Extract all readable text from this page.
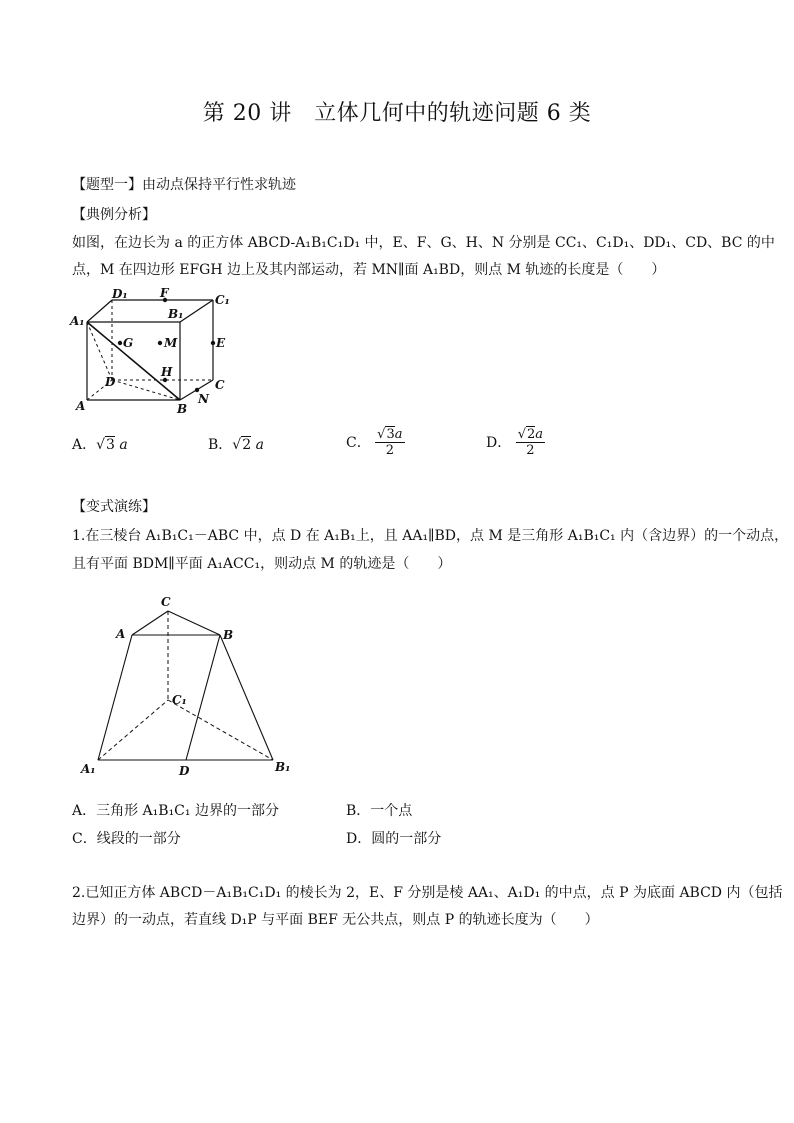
第 20 讲　立体几何中的轨迹问题 6 类
【题型一】由动点保持平行性求轨迹
【典例分析】
如图，在边长为 a 的正方体 ABCD-A₁B₁C₁D₁ 中，E、F、G、H、N 分别是 CC₁、C₁D₁、DD₁、CD、BC 的中
点，M 在四边形 EFGH 边上及其内部运动，若 MN∥面 A₁BD，则点 M 轨迹的长度是（　　）
D₁	F	C₁
A₁	B₁
G	M	E
D
H
C
A	B
N
A．√3 a	B．√2 a	C． $\frac{√3a}{2}$	D． $\frac{√2a}{2}$
【变式演练】
1.在三棱台 A₁B₁C₁－ABC 中，点 D 在 A₁B₁上，且 AA₁∥BD，点 M 是三角形 A₁B₁C₁ 内（含边界）的一个动点，
且有平面 BDM∥平面 A₁ACC₁，则动点 M 的轨迹是（　　）
C
A	B
C₁
A₁	D	B₁
A．三角形 A₁B₁C₁ 边界的一部分	B．一个点
C．线段的一部分	D．圆的一部分
2.已知正方体 ABCD－A₁B₁C₁D₁ 的棱长为 2，E、F 分别是棱 AA₁、A₁D₁ 的中点，点 P 为底面 ABCD 内（包括
边界）的一动点，若直线 D₁P 与平面 BEF 无公共点，则点 P 的轨迹长度为（　　）
